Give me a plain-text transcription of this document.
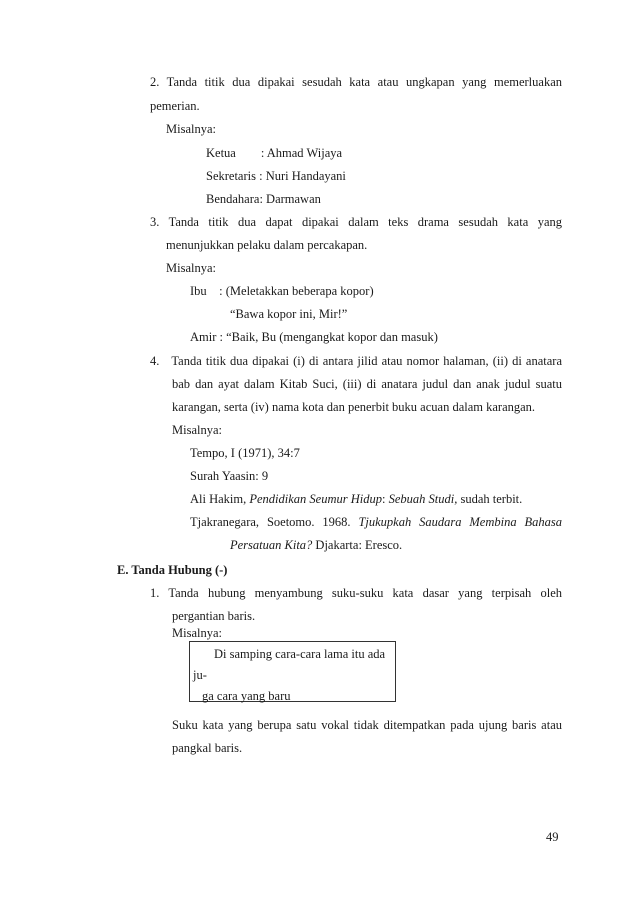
2. Tanda titik dua dipakai sesudah kata atau ungkapan yang memerluakan
pemerian.
Misalnya:
Ketua        : Ahmad Wijaya
Sekretaris : Nuri Handayani
Bendahara: Darmawan
3. Tanda titik dua dapat dipakai dalam teks drama sesudah kata yang
menunjukkan pelaku dalam percakapan.
Misalnya:
Ibu    : (Meletakkan beberapa kopor)
“Bawa kopor ini, Mir!”
Amir : “Baik, Bu (mengangkat kopor dan masuk)
4.   Tanda titik dua dipakai (i) di antara jilid atau nomor halaman, (ii) di anatara
bab dan ayat dalam Kitab Suci, (iii) di anatara judul dan anak judul suatu
karangan, serta (iv) nama kota dan penerbit buku acuan dalam karangan.
Misalnya:
Tempo, I (1971), 34:7
Surah Yaasin: 9
Ali Hakim, Pendidikan Seumur Hidup: Sebuah Studi, sudah terbit.
Tjakranegara, Soetomo. 1968. Tjukupkah Saudara Membina Bahasa
Persatuan Kita? Djakarta: Eresco.
E. Tanda Hubung (-)
1. Tanda hubung menyambung suku-suku kata dasar yang terpisah oleh
pergantian baris.
Misalnya:
Di samping cara-cara lama itu ada
ju-
ga cara yang baru
Suku kata yang berupa satu vokal tidak ditempatkan pada ujung baris atau
pangkal baris.
49
